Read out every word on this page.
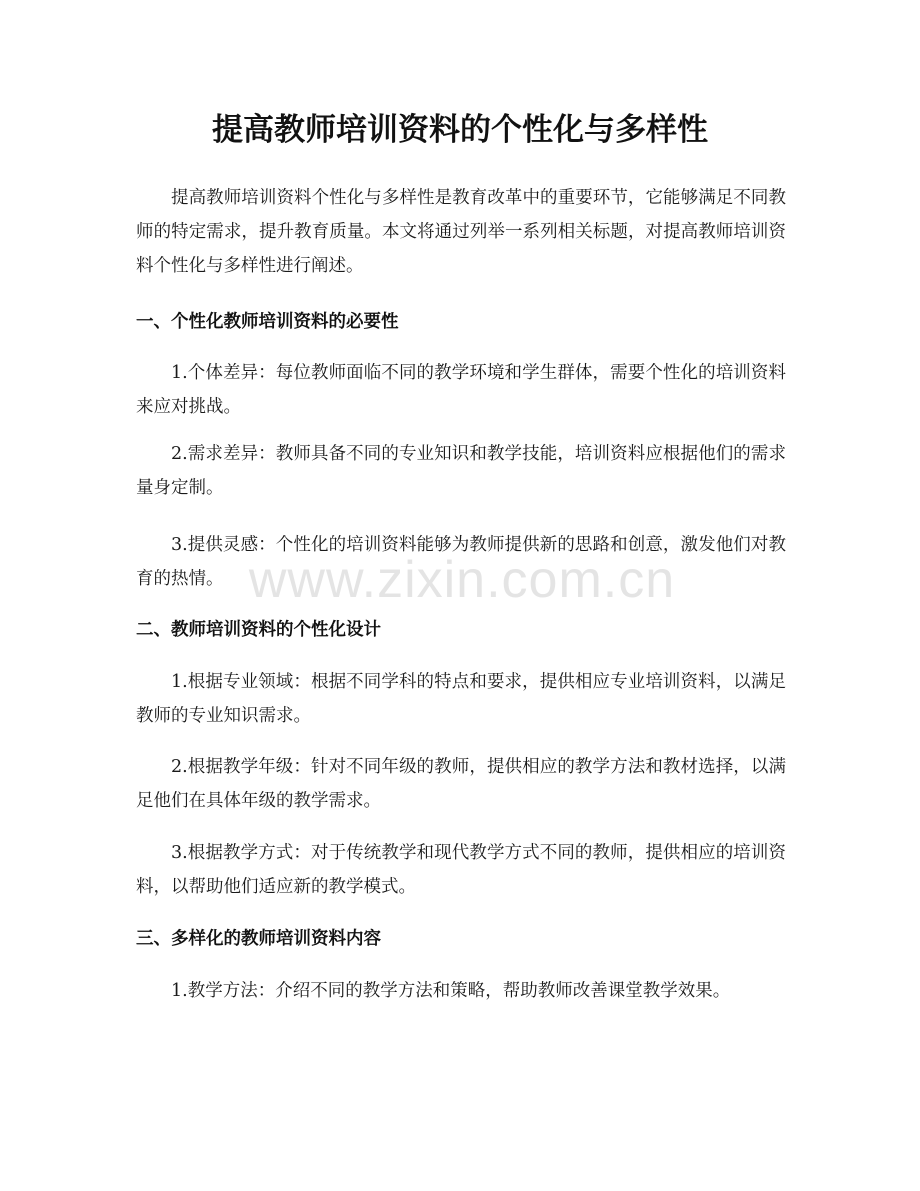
提高教师培训资料的个性化与多样性

提高教师培训资料个性化与多样性是教育改革中的重要环节，它能够满足不同教师的特定需求，提升教育质量。本文将通过列举一系列相关标题，对提高教师培训资料个性化与多样性进行阐述。

一、个性化教师培训资料的必要性

1.个体差异：每位教师面临不同的教学环境和学生群体，需要个性化的培训资料来应对挑战。

2.需求差异：教师具备不同的专业知识和教学技能，培训资料应根据他们的需求量身定制。

3.提供灵感：个性化的培训资料能够为教师提供新的思路和创意，激发他们对教育的热情。

二、教师培训资料的个性化设计

1.根据专业领域：根据不同学科的特点和要求，提供相应专业培训资料，以满足教师的专业知识需求。

2.根据教学年级：针对不同年级的教师，提供相应的教学方法和教材选择，以满足他们在具体年级的教学需求。

3.根据教学方式：对于传统教学和现代教学方式不同的教师，提供相应的培训资料，以帮助他们适应新的教学模式。

三、多样化的教师培训资料内容

1.教学方法：介绍不同的教学方法和策略，帮助教师改善课堂教学效果。

www.zixin.com.cn
